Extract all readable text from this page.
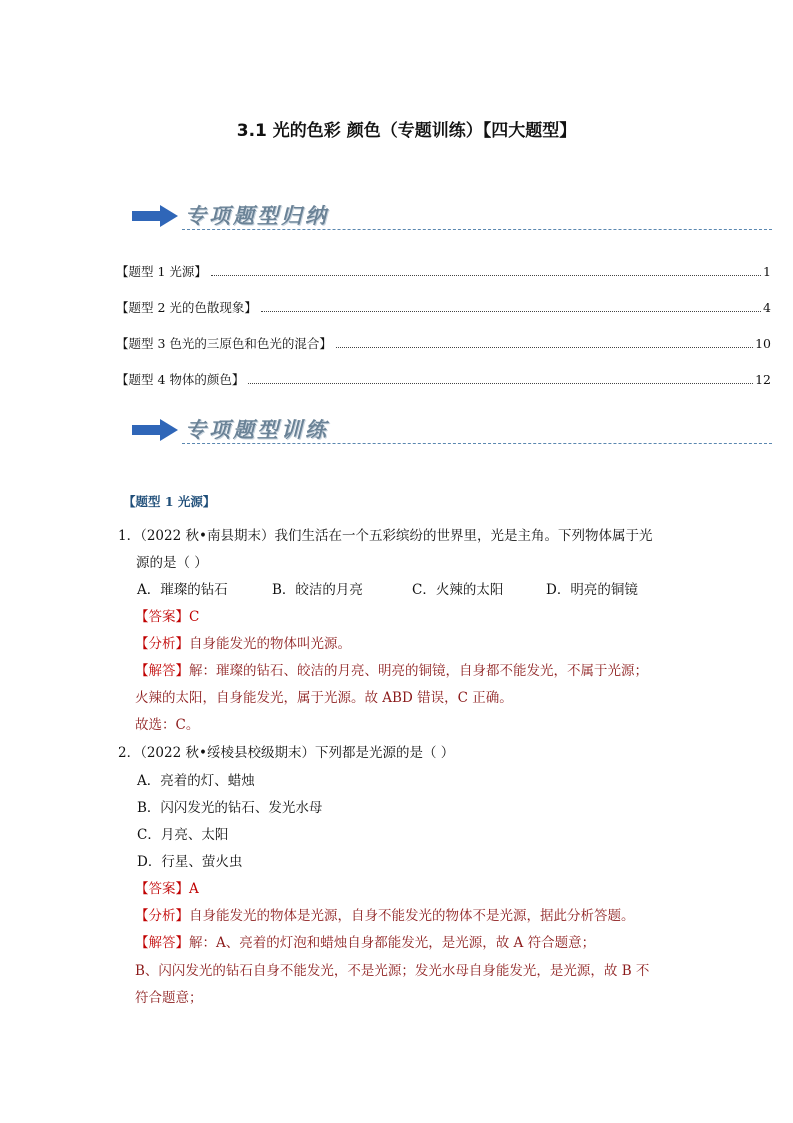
3.1 光的色彩 颜色（专题训练）【四大题型】
专项题型归纳
【题型 1 光源】	1
【题型 2 光的色散现象】	4
【题型 3 色光的三原色和色光的混合】	10
【题型 4 物体的颜色】	12
专项题型训练
【题型 1 光源】
1．（2022 秋•南县期末）我们生活在一个五彩缤纷的世界里，光是主角。下列物体属于光
源的是（ ）
A．璀璨的钻石	B．皎洁的月亮	C．火辣的太阳	D．明亮的铜镜
【答案】C
【分析】自身能发光的物体叫光源。
【解答】解：璀璨的钻石、皎洁的月亮、明亮的铜镜，自身都不能发光，不属于光源；
火辣的太阳，自身能发光，属于光源。故 ABD 错误，C 正确。
故选：C。
2．（2022 秋•绥棱县校级期末）下列都是光源的是（ ）
A．亮着的灯、蜡烛
B．闪闪发光的钻石、发光水母
C．月亮、太阳
D．行星、萤火虫
【答案】A
【分析】自身能发光的物体是光源，自身不能发光的物体不是光源，据此分析答题。
【解答】解：A、亮着的灯泡和蜡烛自身都能发光，是光源，故 A 符合题意；
B、闪闪发光的钻石自身不能发光，不是光源；发光水母自身能发光，是光源，故 B 不
符合题意；
